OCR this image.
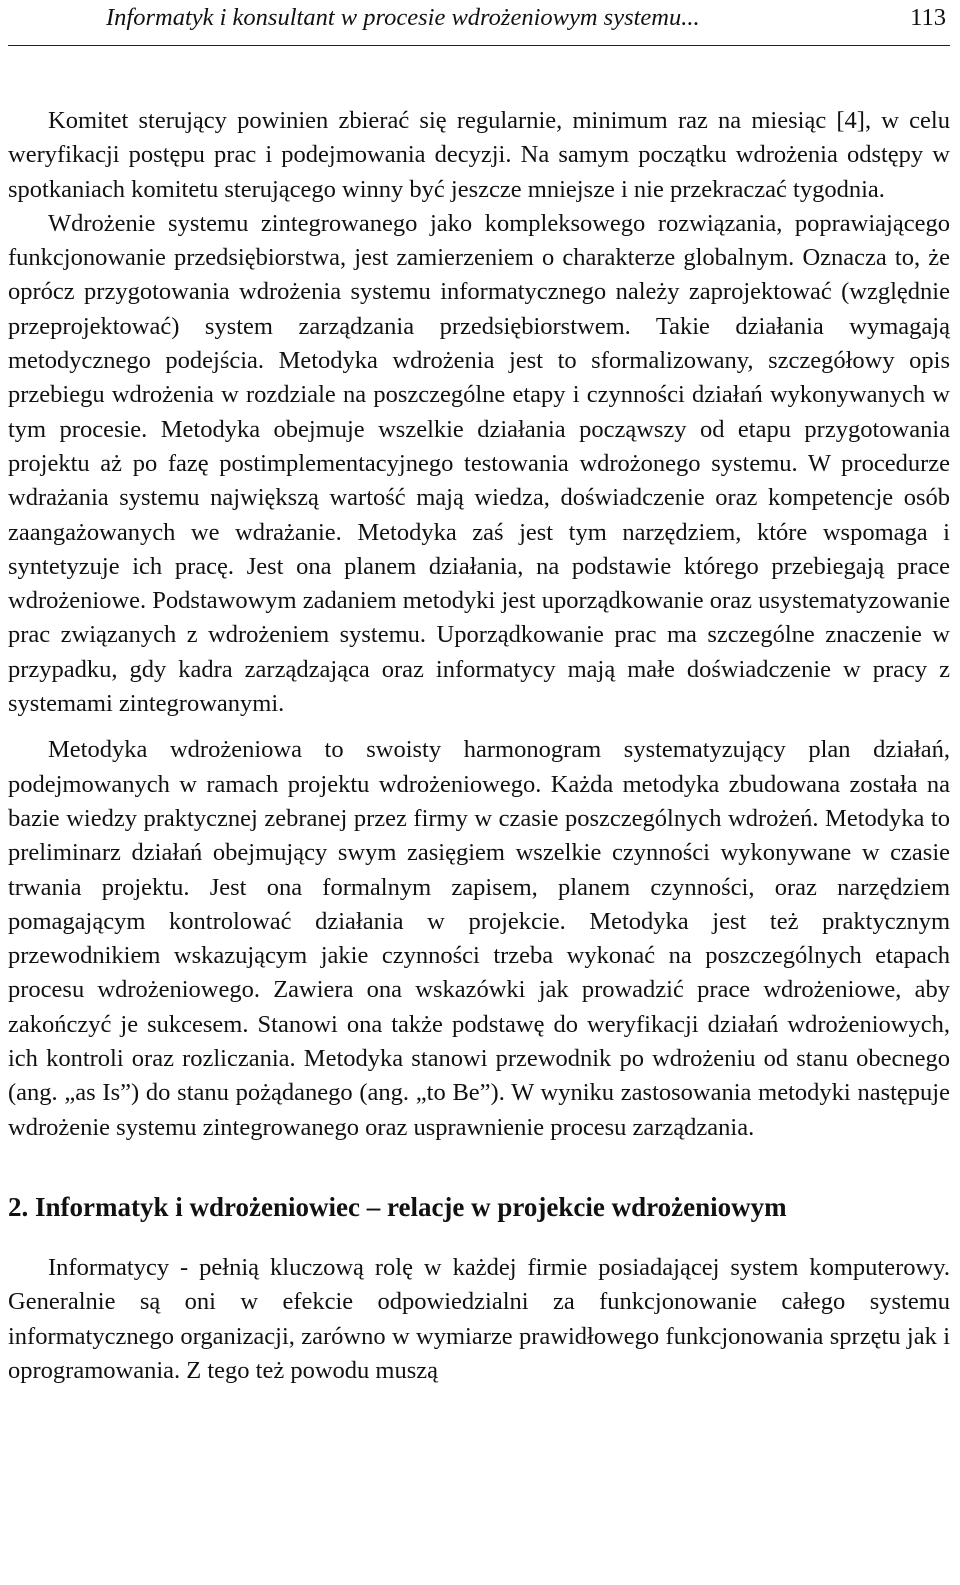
Informatyk i konsultant w procesie wdrożeniowym systemu...	113

Komitet sterujący powinien zbierać się regularnie, minimum raz na miesiąc [4], w celu weryfikacji postępu prac i podejmowania decyzji. Na samym początku wdrożenia odstępy w spotkaniach komitetu sterującego winny być jeszcze mniejsze i nie przekraczać tygodnia.

Wdrożenie systemu zintegrowanego jako kompleksowego rozwiązania, poprawiającego funkcjonowanie przedsiębiorstwa, jest zamierzeniem o charakterze globalnym. Oznacza to, że oprócz przygotowania wdrożenia systemu informatycznego należy zaprojektować (względnie przeprojektować) system zarządzania przedsiębiorstwem. Takie działania wymagają metodycznego podejścia. Metodyka wdrożenia jest to sformalizowany, szczegółowy opis przebiegu wdrożenia w rozdziale na poszczególne etapy i czynności działań wykonywanych w tym procesie. Metodyka obejmuje wszelkie działania począwszy od etapu przygotowania projektu aż po fazę postimplementacyjnego testowania wdrożonego systemu. W procedurze wdrażania systemu największą wartość mają wiedza, doświadczenie oraz kompetencje osób zaangażowanych we wdrażanie. Metodyka zaś jest tym narzędziem, które wspomaga i syntetyzuje ich pracę. Jest ona planem działania, na podstawie którego przebiegają prace wdrożeniowe. Podstawowym zadaniem metodyki jest uporządkowanie oraz usystematyzowanie prac związanych z wdrożeniem systemu. Uporządkowanie prac ma szczególne znaczenie w przypadku, gdy kadra zarządzająca oraz informatycy mają małe doświadczenie w pracy z systemami zintegrowanymi.

Metodyka wdrożeniowa to swoisty harmonogram systematyzujący plan działań, podejmowanych w ramach projektu wdrożeniowego. Każda metodyka zbudowana została na bazie wiedzy praktycznej zebranej przez firmy w czasie poszczególnych wdrożeń. Metodyka to preliminarz działań obejmujący swym zasięgiem wszelkie czynności wykonywane w czasie trwania projektu. Jest ona formalnym zapisem, planem czynności, oraz narzędziem pomagającym kontrolować działania w projekcie. Metodyka jest też praktycznym przewodnikiem wskazującym jakie czynności trzeba wykonać na poszczególnych etapach procesu wdrożeniowego. Zawiera ona wskazówki jak prowadzić prace wdrożeniowe, aby zakończyć je sukcesem. Stanowi ona także podstawę do weryfikacji działań wdrożeniowych, ich kontroli oraz rozliczania. Metodyka stanowi przewodnik po wdrożeniu od stanu obecnego (ang. „as Is”) do stanu pożądanego (ang. „to Be”). W wyniku zastosowania metodyki następuje wdrożenie systemu zintegrowanego oraz usprawnienie procesu zarządzania.

2. Informatyk i wdrożeniowiec – relacje w projekcie wdrożeniowym

Informatycy - pełnią kluczową rolę w każdej firmie posiadającej system komputerowy. Generalnie są oni w efekcie odpowiedzialni za funkcjonowanie całego systemu informatycznego organizacji, zarówno w wymiarze prawidłowego funkcjonowania sprzętu jak i oprogramowania. Z tego też powodu muszą
